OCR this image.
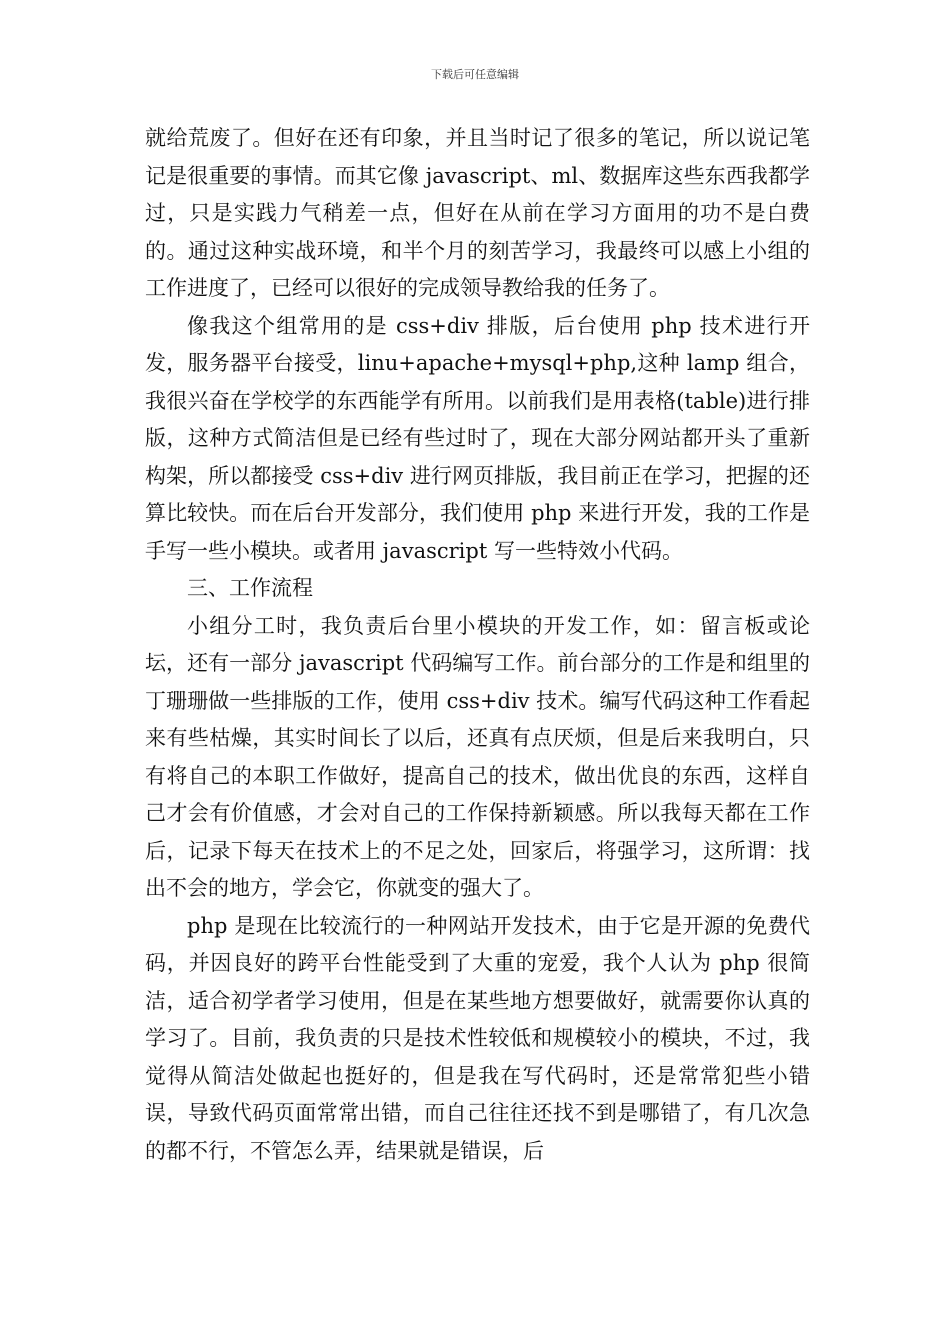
下载后可任意编辑

就给荒废了。但好在还有印象，并且当时记了很多的笔记，所以说记笔记是很重要的事情。而其它像 javascript、ml、数据库这些东西我都学过，只是实践力气稍差一点，但好在从前在学习方面用的功不是白费的。通过这种实战环境，和半个月的刻苦学习，我最终可以感上小组的工作进度了，已经可以很好的完成领导教给我的任务了。

像我这个组常用的是 css+div 排版，后台使用 php 技术进行开发，服务器平台接受，linu+apache+mysql+php,这种 lamp 组合，我很兴奋在学校学的东西能学有所用。以前我们是用表格(table)进行排版，这种方式简洁但是已经有些过时了，现在大部分网站都开头了重新构架，所以都接受 css+div 进行网页排版，我目前正在学习，把握的还算比较快。而在后台开发部分，我们使用 php 来进行开发，我的工作是手写一些小模块。或者用 javascript 写一些特效小代码。

三、工作流程

小组分工时，我负责后台里小模块的开发工作，如：留言板或论坛，还有一部分 javascript 代码编写工作。前台部分的工作是和组里的丁珊珊做一些排版的工作，使用 css+div 技术。编写代码这种工作看起来有些枯燥，其实时间长了以后，还真有点厌烦，但是后来我明白，只有将自己的本职工作做好，提高自己的技术，做出优良的东西，这样自己才会有价值感，才会对自己的工作保持新颖感。所以我每天都在工作后，记录下每天在技术上的不足之处，回家后，将强学习，这所谓：找出不会的地方，学会它，你就变的强大了。

php 是现在比较流行的一种网站开发技术，由于它是开源的免费代码，并因良好的跨平台性能受到了大重的宠爱，我个人认为 php 很简洁，适合初学者学习使用，但是在某些地方想要做好，就需要你认真的学习了。目前，我负责的只是技术性较低和规模较小的模块，不过，我觉得从简洁处做起也挺好的，但是我在写代码时，还是常常犯些小错误，导致代码页面常常出错，而自己往往还找不到是哪错了，有几次急的都不行，不管怎么弄，结果就是错误，后
